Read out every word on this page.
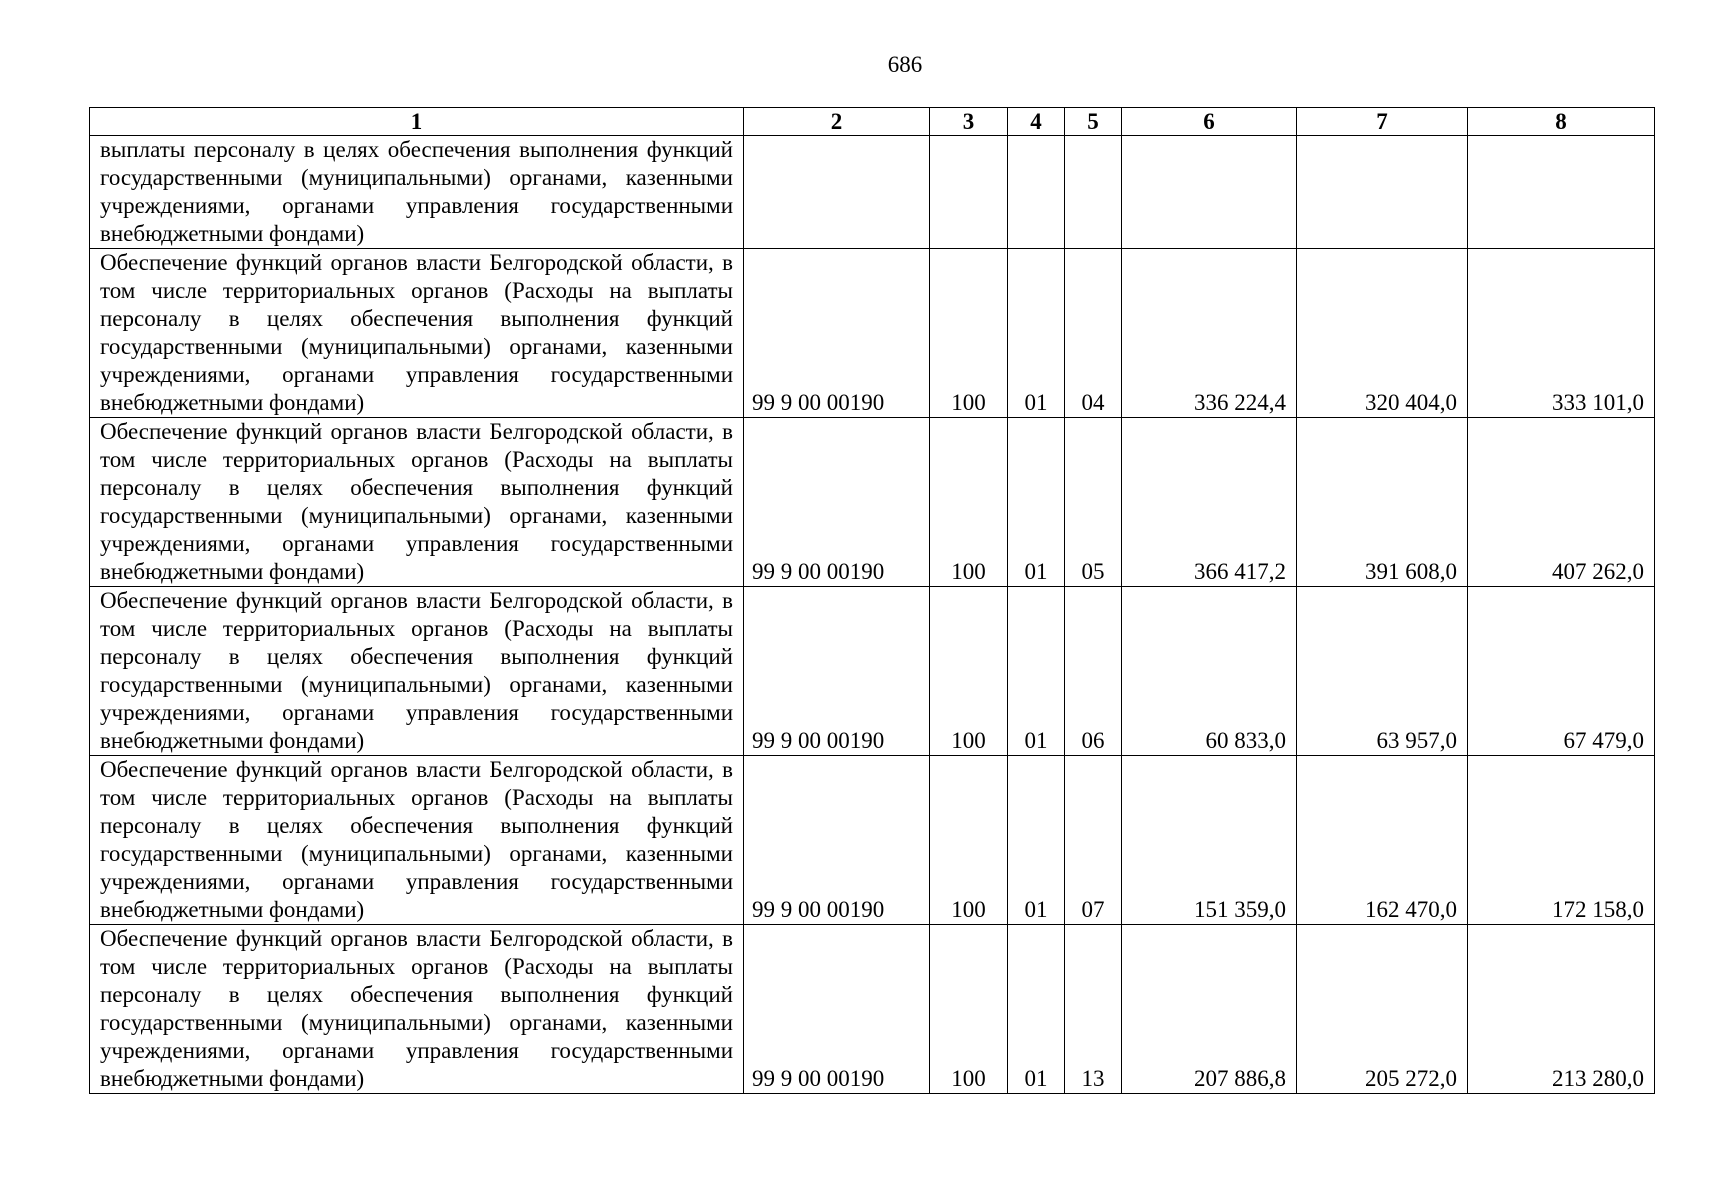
686
1	2	3	4	5	6	7	8
выплаты персоналу в целях обеспечения выполнения функций государственными (муниципальными) органами, казенными учреждениями, органами управления государственными внебюджетными фондами)							
Обеспечение функций органов власти Белгородской области, в том числе территориальных органов (Расходы на выплаты персоналу в целях обеспечения выполнения функций государственными (муниципальными) органами, казенными учреждениями, органами управления государственными внебюджетными фондами)	99 9 00 00190	100	01	04	336 224,4	320 404,0	333 101,0
Обеспечение функций органов власти Белгородской области, в том числе территориальных органов (Расходы на выплаты персоналу в целях обеспечения выполнения функций государственными (муниципальными) органами, казенными учреждениями, органами управления государственными внебюджетными фондами)	99 9 00 00190	100	01	05	366 417,2	391 608,0	407 262,0
Обеспечение функций органов власти Белгородской области, в том числе территориальных органов (Расходы на выплаты персоналу в целях обеспечения выполнения функций государственными (муниципальными) органами, казенными учреждениями, органами управления государственными внебюджетными фондами)	99 9 00 00190	100	01	06	60 833,0	63 957,0	67 479,0
Обеспечение функций органов власти Белгородской области, в том числе территориальных органов (Расходы на выплаты персоналу в целях обеспечения выполнения функций государственными (муниципальными) органами, казенными учреждениями, органами управления государственными внебюджетными фондами)	99 9 00 00190	100	01	07	151 359,0	162 470,0	172 158,0
Обеспечение функций органов власти Белгородской области, в том числе территориальных органов (Расходы на выплаты персоналу в целях обеспечения выполнения функций государственными (муниципальными) органами, казенными учреждениями, органами управления государственными внебюджетными фондами)	99 9 00 00190	100	01	13	207 886,8	205 272,0	213 280,0
